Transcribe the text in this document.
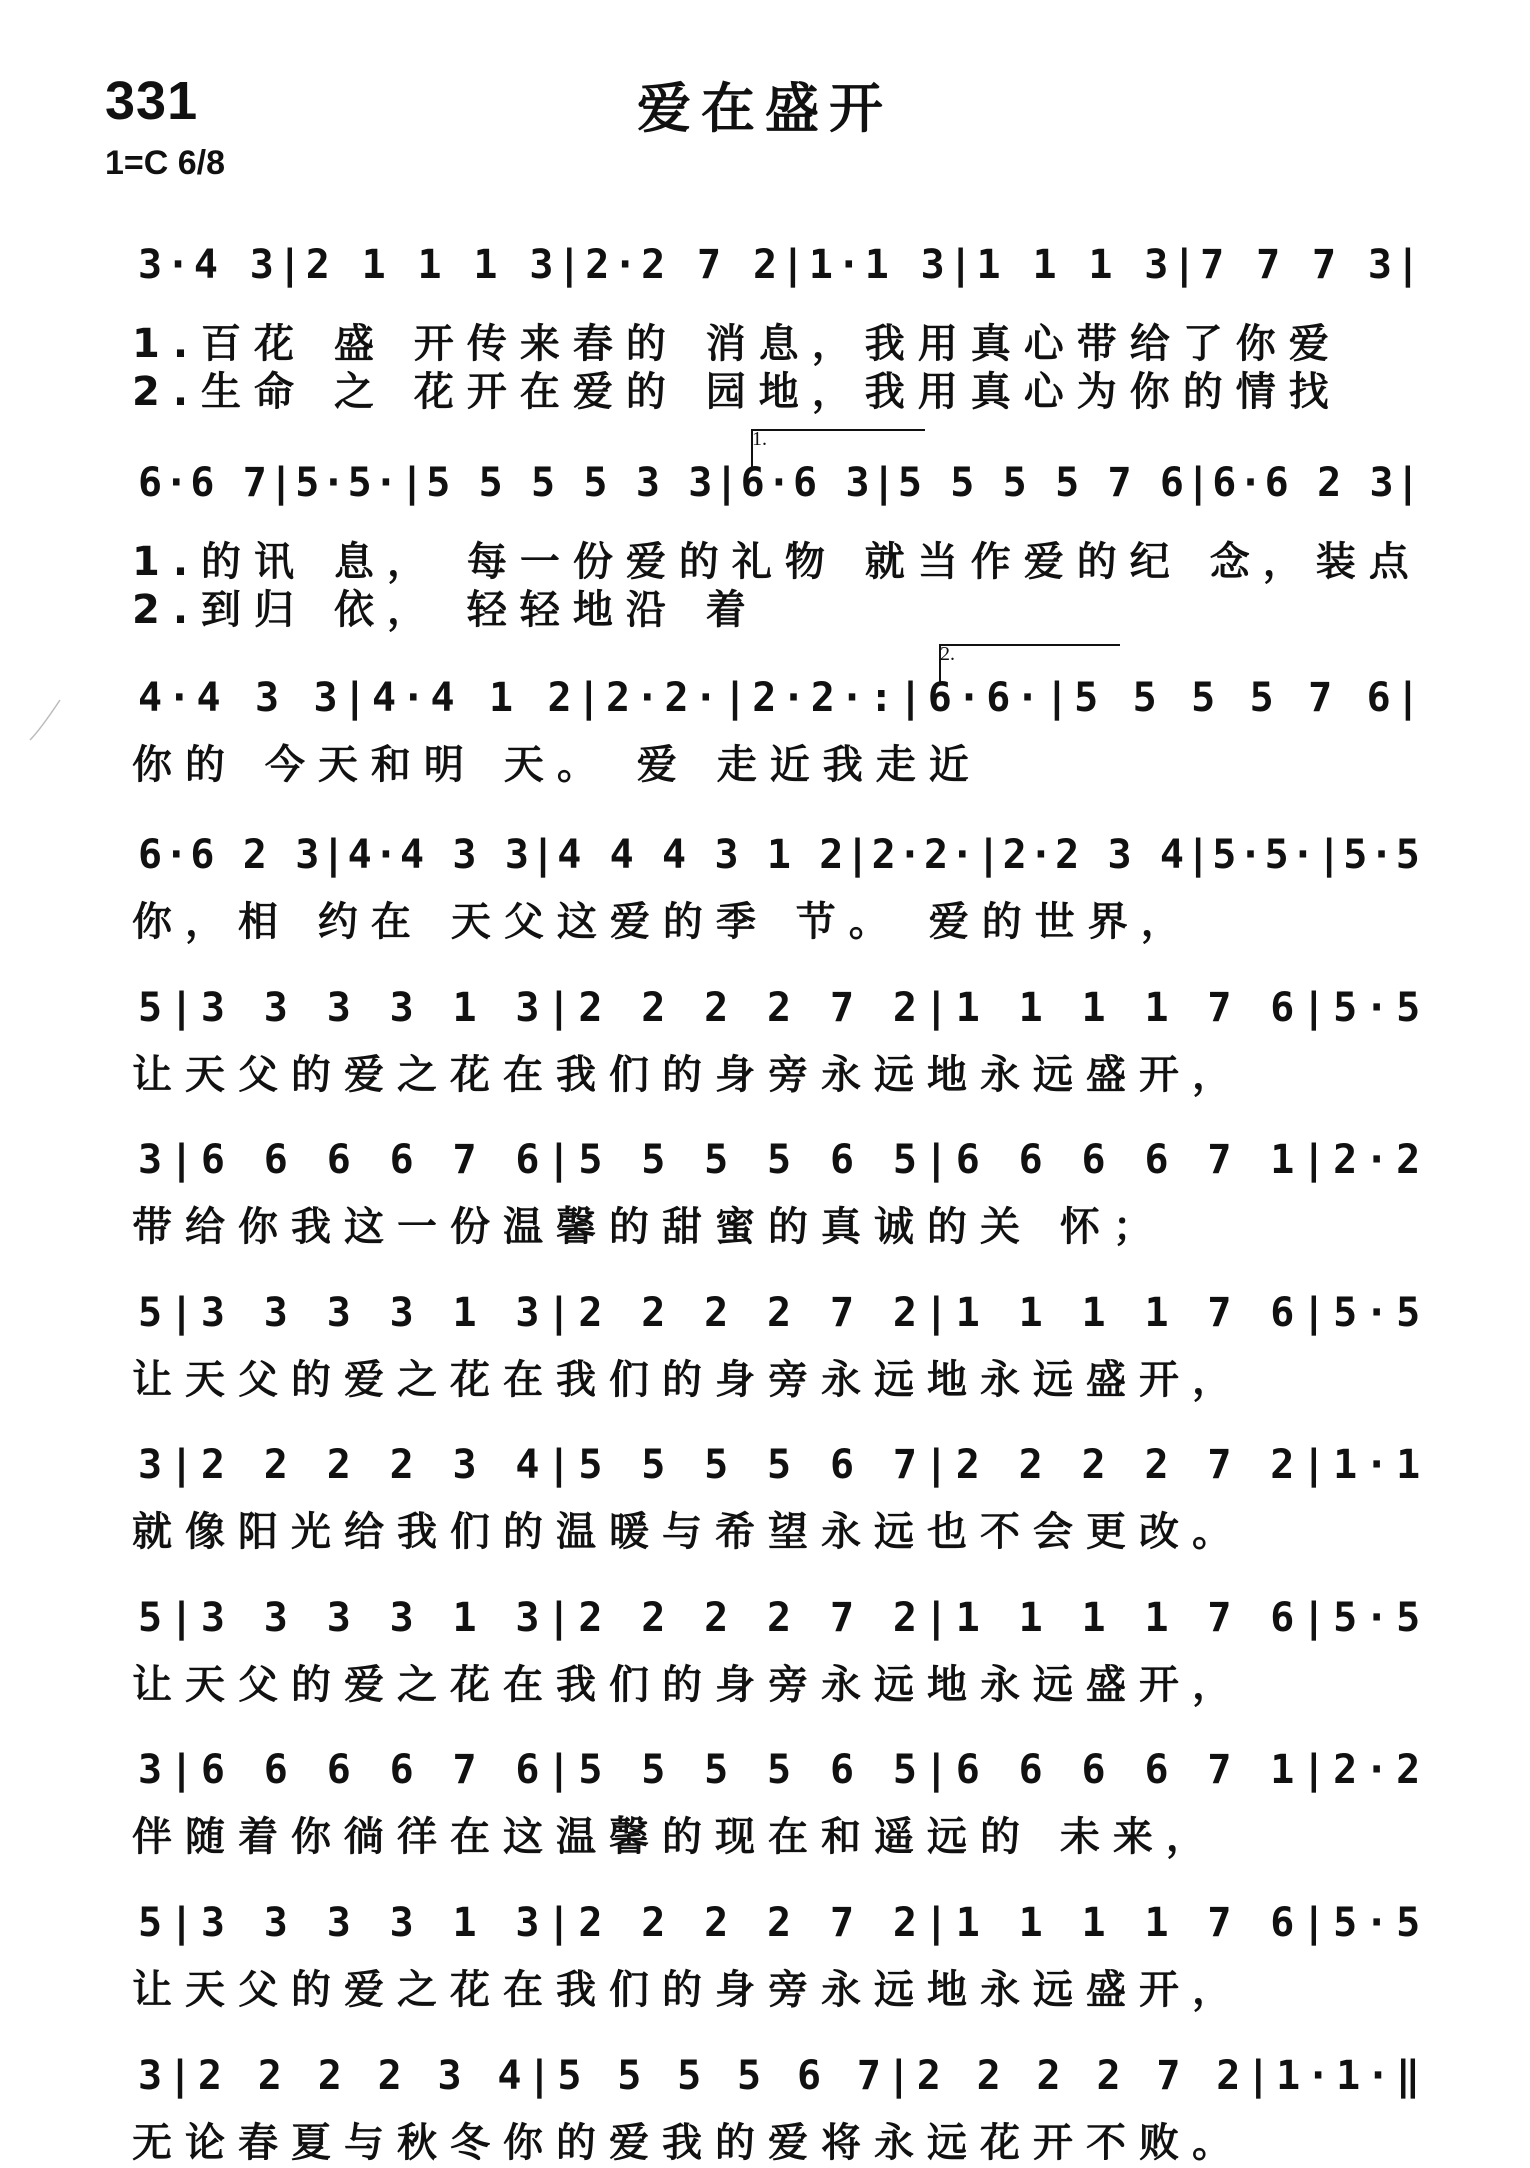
331	爱在盛开
1=C 6/8
3·4 3|2 1 1 1 3|2·2 7 2|1·1 3|1 1 1 3|7 7 7 3|
1.百花 盛 开传来春的 消息，我用真心带给了你爱
2.生命 之 花开在爱的 园地，我用真心为你的情找
6·6 7|5·5·|5 5 5 5 3 3|6·6 3|5 5 5 5 7 6|6·6 2 3|
1.
1.的讯 息， 每一份爱的礼物 就当作爱的纪 念，装点
2.到归 依， 轻轻地沿 着
4·4 3 3|4·4 1 2|2·2·|2·2·:|6·6·|5 5 5 5 7 6|
2.
你的 今天和明 天。 爱 走近我走近
6·6 2 3|4·4 3 3|4 4 4 3 1 2|2·2·|2·2 3 4|5·5·|5·5
你，相 约在 天父这爱的季 节。 爱的世界，
5|3 3 3 3 1 3|2 2 2 2 7 2|1 1 1 1 7 6|5·5
让天父的爱之花在我们的身旁永远地永远盛开，
3|6 6 6 6 7 6|5 5 5 5 6 5|6 6 6 6 7 1|2·2
带给你我这一份温馨的甜蜜的真诚的关 怀；
5|3 3 3 3 1 3|2 2 2 2 7 2|1 1 1 1 7 6|5·5
让天父的爱之花在我们的身旁永远地永远盛开，
3|2 2 2 2 3 4|5 5 5 5 6 7|2 2 2 2 7 2|1·1
就像阳光给我们的温暖与希望永远也不会更改。
5|3 3 3 3 1 3|2 2 2 2 7 2|1 1 1 1 7 6|5·5
让天父的爱之花在我们的身旁永远地永远盛开，
3|6 6 6 6 7 6|5 5 5 5 6 5|6 6 6 6 7 1|2·2
伴随着你徜徉在这温馨的现在和遥远的 未来，
5|3 3 3 3 1 3|2 2 2 2 7 2|1 1 1 1 7 6|5·5
让天父的爱之花在我们的身旁永远地永远盛开，
3|2 2 2 2 3 4|5 5 5 5 6 7|2 2 2 2 7 2|1·1·‖
无论春夏与秋冬你的爱我的爱将永远花开不败。
